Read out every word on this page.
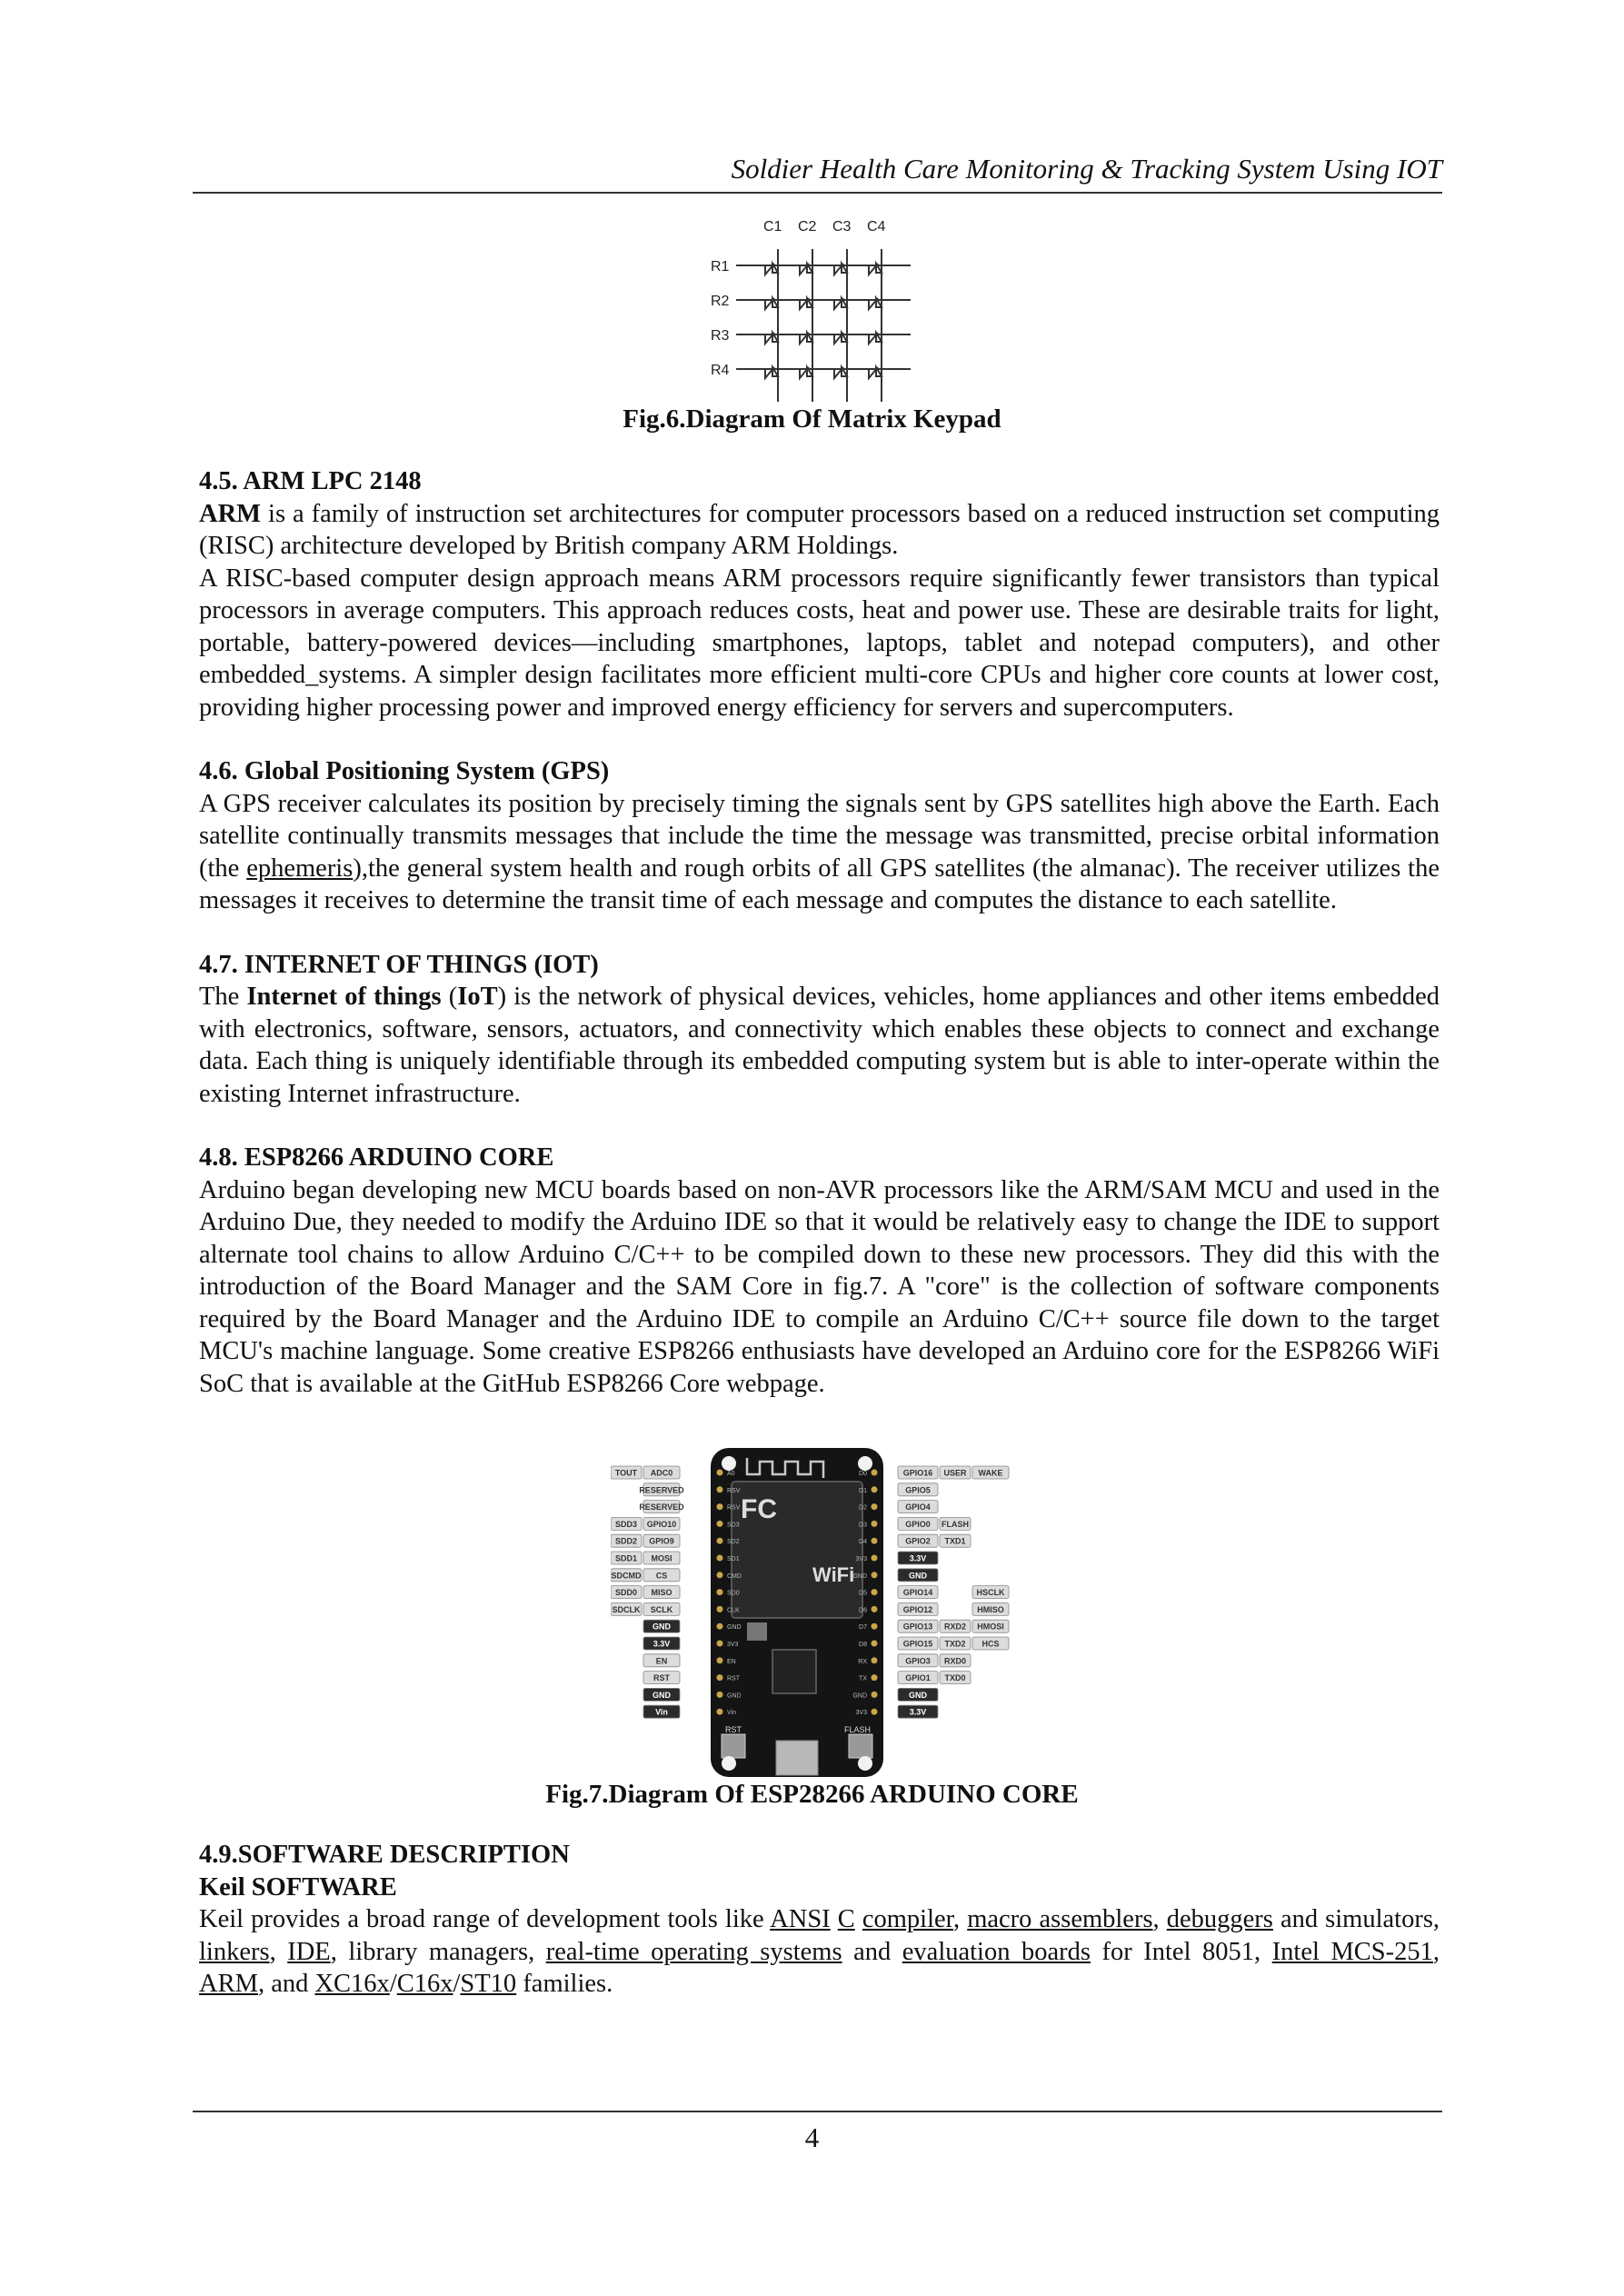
Soldier Health Care Monitoring & Tracking System Using IOT
C1 C2 C3 C4
R1
R2
R3
R4
Fig.6.Diagram Of Matrix Keypad

4.5. ARM LPC 2148

ARM is a family of instruction set architectures for computer processors based on a reduced instruction set computing (RISC) architecture developed by British company ARM Holdings.

A RISC-based computer design approach means ARM processors require significantly fewer transistors than typical processors in average computers. This approach reduces costs, heat and power use. These are desirable traits for light, portable, battery-powered devices—including smartphones, laptops, tablet and notepad computers), and other embedded_systems. A simpler design facilitates more efficient multi-core CPUs and higher core counts at lower cost, providing higher processing power and improved energy efficiency for servers and supercomputers.

4.6. Global Positioning System (GPS)

A GPS receiver calculates its position by precisely timing the signals sent by GPS satellites high above the Earth. Each satellite continually transmits messages that include the time the message was transmitted, precise orbital information (the ephemeris),the general system health and rough orbits of all GPS satellites (the almanac). The receiver utilizes the messages it receives to determine the transit time of each message and computes the distance to each satellite.

4.7. INTERNET OF THINGS (IOT)

The Internet of things (IoT) is the network of physical devices, vehicles, home appliances and other items embedded with electronics, software, sensors, actuators, and connectivity which enables these objects to connect and exchange data. Each thing is uniquely identifiable through its embedded computing system but is able to inter-operate within the existing Internet infrastructure.

4.8. ESP8266 ARDUINO CORE

Arduino began developing new MCU boards based on non-AVR processors like the ARM/SAM MCU and used in the Arduino Due, they needed to modify the Arduino IDE so that it would be relatively easy to change the IDE to support alternate tool chains to allow Arduino C/C++ to be compiled down to these new processors. They did this with the introduction of the Board Manager and the SAM Core in fig.7. A "core" is the collection of software components required by the Board Manager and the Arduino IDE to compile an Arduino C/C++ source file down to the target MCU's machine language. Some creative ESP8266 enthusiasts have developed an Arduino core for the ESP8266 WiFi SoC that is available at the GitHub ESP8266 Core webpage.

FC
WiFi
RST	FLASH
ADC0
TOUT	A0
RESERVED	RSV
RESERVED	RSV
GPIO10
SDD3	SD3
GPIO9
SDD2	SD2
MOSI
SDD1	SD1
CS
SDCMD	CMD
MISO
SDD0	SD0
SCLK
SDCLK	CLK
GND	GND
3.3V	3V3
EN	EN
RST	RST
GND	GND
Vin	Vin
GPIO16 USER WAKE
D0
GPIO5
D1
GPIO4
D2
GPIO0 FLASH
D3
GPIO2 TXD1
D4
3.3V
3V3
GND
GND
GPIO14	HSCLK
D5
GPIO12	HMISO
D6
GPIO13 RXD2 HMOSI
D7
GPIO15 TXD2 HCS
D8
GPIO3 RXD0
RX
GPIO1 TXD0
TX
GND
GND
3.3V
3V3
Fig.7.Diagram Of ESP28266 ARDUINO CORE

4.9.SOFTWARE DESCRIPTION

Keil SOFTWARE

Keil provides a broad range of development tools like ANSI C compiler, macro assemblers, debuggers and simulators, linkers, IDE, library managers, real-time operating systems and evaluation boards for Intel 8051, Intel MCS-251, ARM, and XC16x/C16x/ST10 families.

4
